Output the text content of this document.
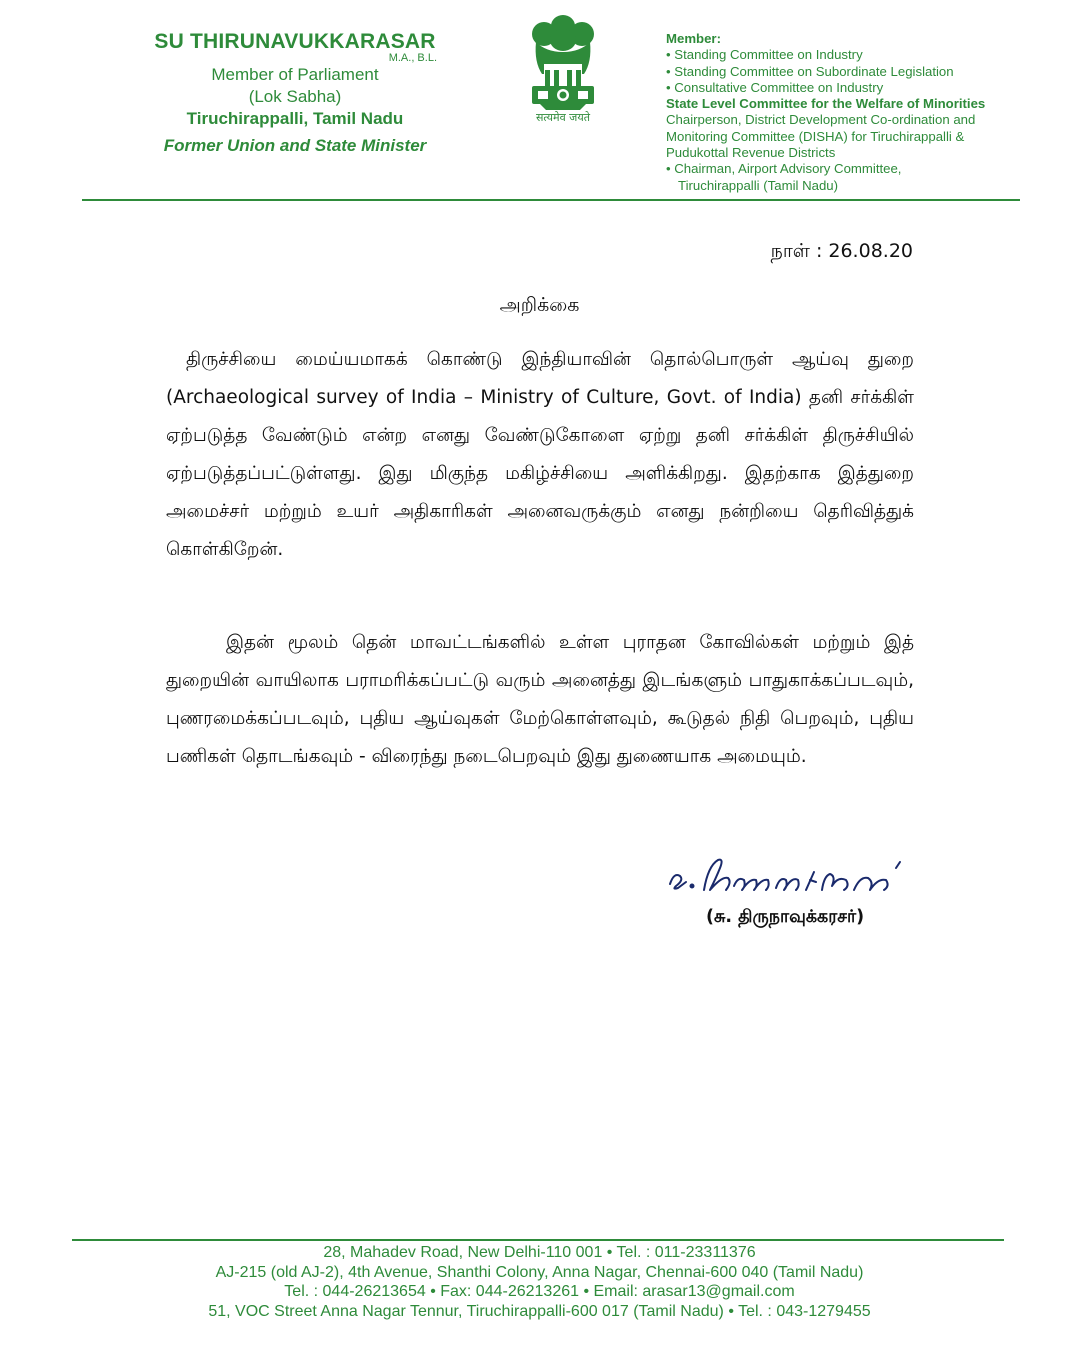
SU THIRUNAVUKKARASAR
M.A., B.L.
Member of Parliament
(Lok Sabha)
Tiruchirappalli, Tamil Nadu
Former Union and State Minister
सत्यमेव जयते
Member:
• Standing Committee on Industry
• Standing Committee on Subordinate Legislation
• Consultative Committee on Industry
State Level Committee for the Welfare of Minorities
Chairperson, District Development Co-ordination and
Monitoring Committee (DISHA) for Tiruchirappalli &
Pudukottal Revenue Districts
• Chairman, Airport Advisory Committee,
Tiruchirappalli (Tamil Nadu)
நாள் : 26.08.20
அறிக்கை
திருச்சியை மைய்யமாகக் கொண்டு இந்தியாவின் தொல்பொருள் ஆய்வு துறை (Archaeological survey of India – Ministry of Culture, Govt. of India) தனி சர்க்கிள் ஏற்படுத்த வேண்டும் என்ற எனது வேண்டுகோளை ஏற்று தனி சர்க்கிள் திருச்சியில் ஏற்படுத்தப்பட்டுள்ளது. இது மிகுந்த மகிழ்ச்சியை அளிக்கிறது. இதற்காக இத்துறை அமைச்சர் மற்றும் உயர் அதிகாரிகள் அனைவருக்கும் எனது நன்றியை தெரிவித்துக் கொள்கிறேன்.
இதன் மூலம் தென் மாவட்டங்களில் உள்ள புராதன கோவில்கள் மற்றும் இத் துறையின் வாயிலாக பராமரிக்கப்பட்டு வரும் அனைத்து இடங்களும் பாதுகாக்கப்படவும், புணரமைக்கப்படவும், புதிய ஆய்வுகள் மேற்கொள்ளவும், கூடுதல் நிதி பெறவும், புதிய பணிகள் தொடங்கவும் - விரைந்து நடைபெறவும் இது துணையாக அமையும்.
(சு. திருநாவுக்கரசர்)
28, Mahadev Road, New Delhi-110 001 • Tel. : 011-23311376
AJ-215 (old AJ-2), 4th Avenue, Shanthi Colony, Anna Nagar, Chennai-600 040 (Tamil Nadu)
Tel. : 044-26213654 • Fax: 044-26213261 • Email: arasar13@gmail.com
51, VOC Street Anna Nagar Tennur, Tiruchirappalli-600 017 (Tamil Nadu) • Tel. : 043-1279455
